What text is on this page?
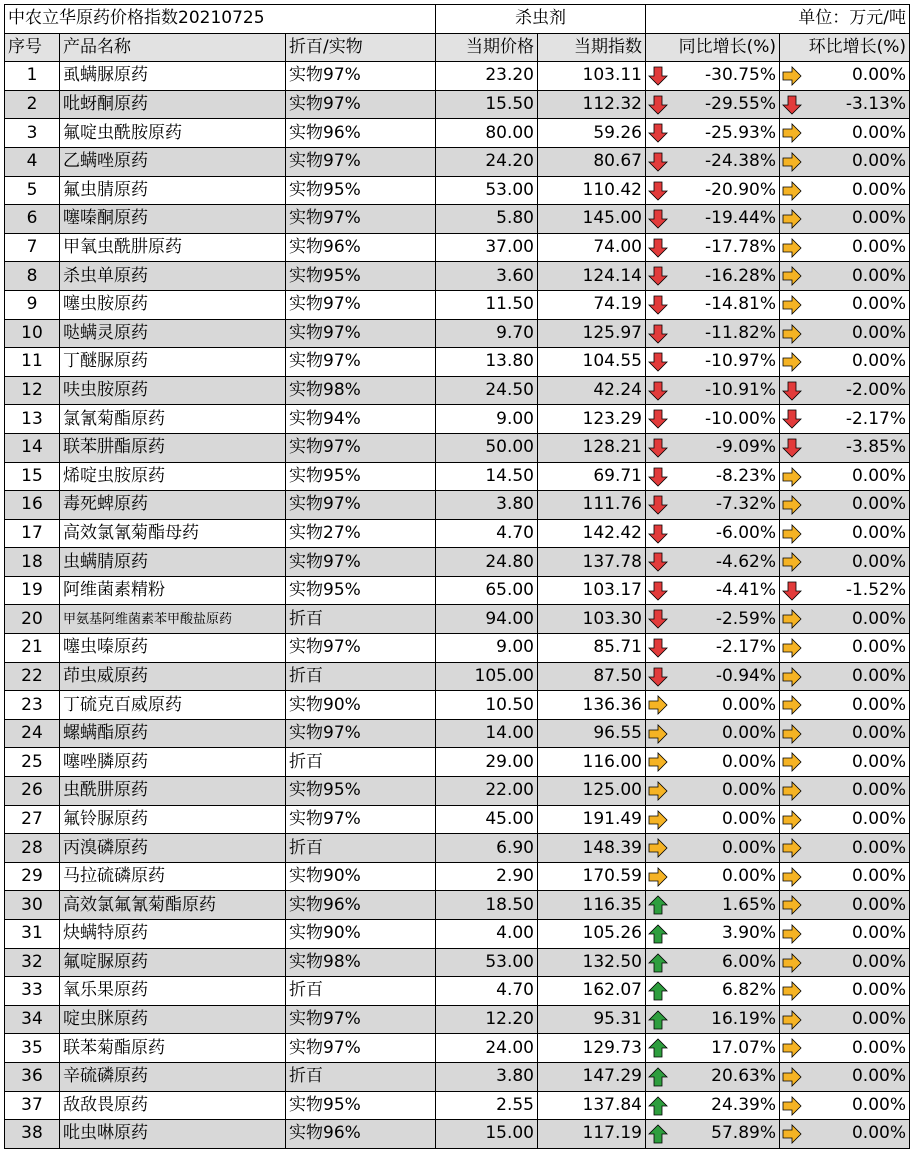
中农立华原药价格指数20210725			杀虫剂		单位：万元/吨	
序号	产品名称	折百/实物	当期价格	当期指数	同比增长(%)	环比增长(%)
1	虱螨脲原药	实物97%	23.20	103.11	-30.75%	0.00%
2	吡蚜酮原药	实物97%	15.50	112.32	-29.55%	-3.13%
3	氟啶虫酰胺原药	实物96%	80.00	59.26	-25.93%	0.00%
4	乙螨唑原药	实物97%	24.20	80.67	-24.38%	0.00%
5	氟虫腈原药	实物95%	53.00	110.42	-20.90%	0.00%
6	噻嗪酮原药	实物97%	5.80	145.00	-19.44%	0.00%
7	甲氧虫酰肼原药	实物96%	37.00	74.00	-17.78%	0.00%
8	杀虫单原药	实物95%	3.60	124.14	-16.28%	0.00%
9	噻虫胺原药	实物97%	11.50	74.19	-14.81%	0.00%
10	哒螨灵原药	实物97%	9.70	125.97	-11.82%	0.00%
11	丁醚脲原药	实物97%	13.80	104.55	-10.97%	0.00%
12	呋虫胺原药	实物98%	24.50	42.24	-10.91%	-2.00%
13	氯氰菊酯原药	实物94%	9.00	123.29	-10.00%	-2.17%
14	联苯肼酯原药	实物97%	50.00	128.21	-9.09%	-3.85%
15	烯啶虫胺原药	实物95%	14.50	69.71	-8.23%	0.00%
16	毒死蜱原药	实物97%	3.80	111.76	-7.32%	0.00%
17	高效氯氰菊酯母药	实物27%	4.70	142.42	-6.00%	0.00%
18	虫螨腈原药	实物97%	24.80	137.78	-4.62%	0.00%
19	阿维菌素精粉	实物95%	65.00	103.17	-4.41%	-1.52%
20	甲氨基阿维菌素苯甲酸盐原药	折百	94.00	103.30	-2.59%	0.00%
21	噻虫嗪原药	实物97%	9.00	85.71	-2.17%	0.00%
22	茚虫威原药	折百	105.00	87.50	-0.94%	0.00%
23	丁硫克百威原药	实物90%	10.50	136.36	0.00%	0.00%
24	螺螨酯原药	实物97%	14.00	96.55	0.00%	0.00%
25	噻唑膦原药	折百	29.00	116.00	0.00%	0.00%
26	虫酰肼原药	实物95%	22.00	125.00	0.00%	0.00%
27	氟铃脲原药	实物97%	45.00	191.49	0.00%	0.00%
28	丙溴磷原药	折百	6.90	148.39	0.00%	0.00%
29	马拉硫磷原药	实物90%	2.90	170.59	0.00%	0.00%
30	高效氯氟氰菊酯原药	实物96%	18.50	116.35	1.65%	0.00%
31	炔螨特原药	实物90%	4.00	105.26	3.90%	0.00%
32	氟啶脲原药	实物98%	53.00	132.50	6.00%	0.00%
33	氧乐果原药	折百	4.70	162.07	6.82%	0.00%
34	啶虫脒原药	实物97%	12.20	95.31	16.19%	0.00%
35	联苯菊酯原药	实物97%	24.00	129.73	17.07%	0.00%
36	辛硫磷原药	折百	3.80	147.29	20.63%	0.00%
37	敌敌畏原药	实物95%	2.55	137.84	24.39%	0.00%
38	吡虫啉原药	实物96%	15.00	117.19	57.89%	0.00%
